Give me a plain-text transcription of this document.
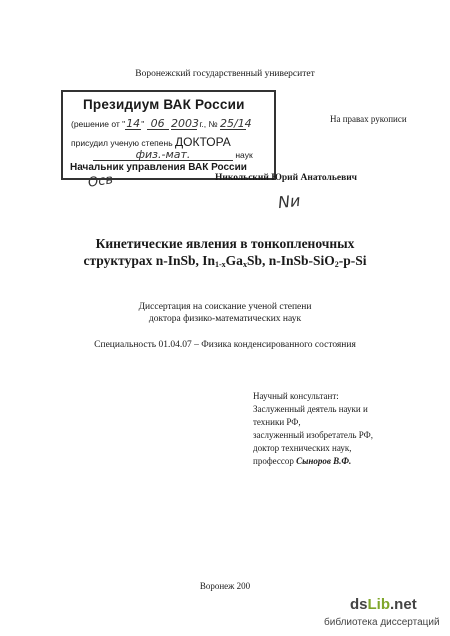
Воронежский государственный университет
Президиум ВАК России
(решение от "14" 06 2003 г., № 25/14
присудил ученую степень ДОКТОРА
физ.-мат.	наук
Начальник управления ВАК России
Осв
На правах рукописи
Никольский Юрий Анатольевич
Nи
Кинетические явления в тонкопленочных
структурах n-InSb, $In_{1-x}Ga_xSb$, n-InSb-SiO$_2$-p-Si
Диссертация на соискание ученой степени
доктора физико-математических наук
Специальность 01.04.07 – Физика конденсированного состояния
Научный консультант:
Заслуженный деятель науки и
техники РФ,
заслуженный изобретатель РФ,
доктор технических наук,
профессор Сыноров В.Ф.
Воронеж 200
dsLib.net
библиотека диссертаций
